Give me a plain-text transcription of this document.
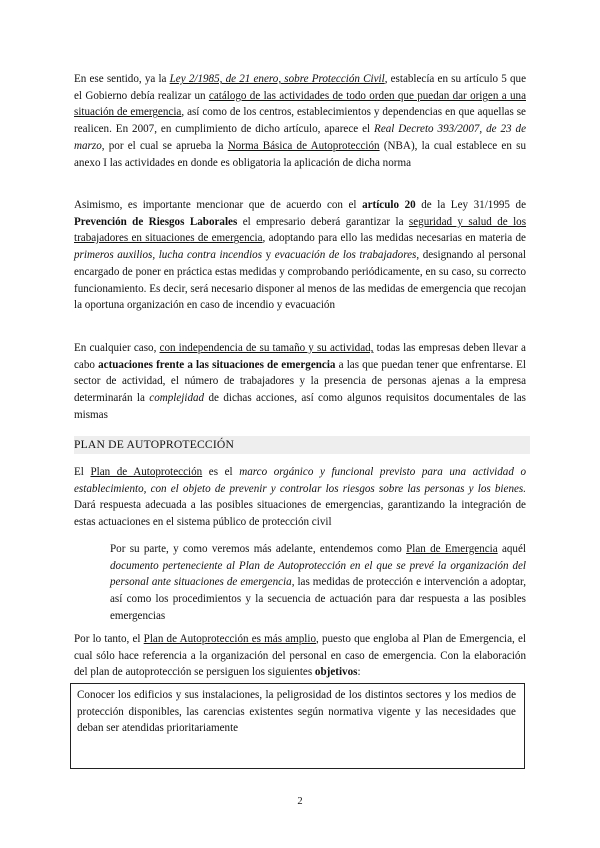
En ese sentido, ya la Ley 2/1985, de 21 enero, sobre Protección Civil, establecía en su artículo 5 que el Gobierno debía realizar un catálogo de las actividades de todo orden que puedan dar origen a una situación de emergencia, así como de los centros, establecimientos y dependencias en que aquellas se realicen. En 2007, en cumplimiento de dicho artículo, aparece el Real Decreto 393/2007, de 23 de marzo, por el cual se aprueba la Norma Básica de Autoprotección (NBA), la cual establece en su anexo I las actividades en donde es obligatoria la aplicación de dicha norma

Asimismo, es importante mencionar que de acuerdo con el artículo 20 de la Ley 31/1995 de Prevención de Riesgos Laborales el empresario deberá garantizar la seguridad y salud de los trabajadores en situaciones de emergencia, adoptando para ello las medidas necesarias en materia de primeros auxilios, lucha contra incendios y evacuación de los trabajadores, designando al personal encargado de poner en práctica estas medidas y comprobando periódicamente, en su caso, su correcto funcionamiento. Es decir, será necesario disponer al menos de las medidas de emergencia que recojan la oportuna organización en caso de incendio y evacuación

En cualquier caso, con independencia de su tamaño y su actividad, todas las empresas deben llevar a cabo actuaciones frente a las situaciones de emergencia a las que puedan tener que enfrentarse. El sector de actividad, el número de trabajadores y la presencia de personas ajenas a la empresa determinarán la complejidad de dichas acciones, así como algunos requisitos documentales de las mismas

PLAN DE AUTOPROTECCIÓN

El Plan de Autoprotección es el marco orgánico y funcional previsto para una actividad o establecimiento, con el objeto de prevenir y controlar los riesgos sobre las personas y los bienes. Dará respuesta adecuada a las posibles situaciones de emergencias, garantizando la integración de estas actuaciones en el sistema público de protección civil

Por su parte, y como veremos más adelante, entendemos como Plan de Emergencia aquél documento perteneciente al Plan de Autoprotección en el que se prevé la organización del personal ante situaciones de emergencia, las medidas de protección e intervención a adoptar, así como los procedimientos y la secuencia de actuación para dar respuesta a las posibles emergencias

Por lo tanto, el Plan de Autoprotección es más amplio, puesto que engloba al Plan de Emergencia, el cual sólo hace referencia a la organización del personal en caso de emergencia. Con la elaboración del plan de autoprotección se persiguen los siguientes objetivos:

Conocer los edificios y sus instalaciones, la peligrosidad de los distintos sectores y los medios de protección disponibles, las carencias existentes según normativa vigente y las necesidades que deban ser atendidas prioritariamente

2
